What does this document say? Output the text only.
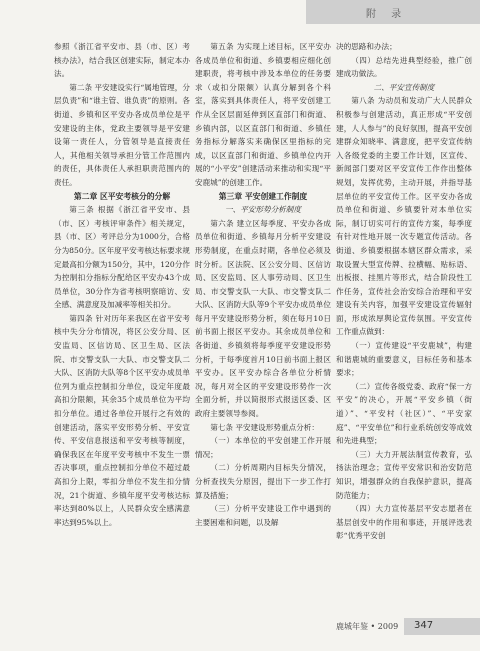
附 录

参照《浙江省平安市、县（市、区）考核办法》，结合我区创建实际，制定本办法。

第二条 平安建设实行“属地管理，分层负责”和“谁主管、谁负责”的原则。各街道、乡镇和区平安办各成员单位是平安建设的主体，党政主要领导是平安建设第一责任人，分管领导是直接责任人，其他相关领导承担分管工作范围内的责任，具体责任人承担职责范围内的责任。

第二章 区平安考核分的分解

第三条 根据《浙江省平安市、县（市、区）考核评审条件》相关规定，县（市、区）考评总分为1000分，合格分为850分。区年度平安考核达标要求规定最高扣分额为150分，其中，120分作为控制扣分指标分配给区平安办43个成员单位，30分作为省考核明察暗访、安全感、满意度及加减率等相关扣分。

第四条 针对历年来我区在省平安考核中失分分布情况，将区公安分局、区安监局、区信访局、区卫生局、区法院、市交警支队一大队、市交警支队二大队、区消防大队等8个区平安办成员单位列为重点控制扣分单位，设定年度最高扣分限额，其余35个成员单位为平均扣分单位。通过各单位开展行之有效的创建活动，落实平安形势分析、平安宣传、平安信息报送和平安考核等制度，确保我区在年度平安考核中不发生一票否决事项，重点控制扣分单位不超过最高扣分上限，零扣分单位不发生扣分情况，21个街道、乡镇年度平安考核达标率达到80%以上，人民群众安全感满意率达到95%以上。

第五条 为实现上述目标，区平安办各成员单位和街道、乡镇要相应细化创建职责，将考核中涉及本单位的任务要求（或扣分限额）认真分解到各个科室，落实到具体责任人，将平安创建工作从全区层面延伸到区直部门和街道、乡镇内部，以区直部门和街道、乡镇任务指标分解落实来确保区里指标的完成，以区直部门和街道、乡镇单位内开展的“小平安”创建活动来推动和实现“平安鹿城”的创建工作。

第三章 平安创建工作制度
一、平安形势分析制度

第六条 建立区每季度、平安办各成员单位和街道、乡镇每月分析平安建设形势制度，在重点时期，各单位必须及时分析。区法院、区公安分局、区信访局、区安监局、区人事劳动局、区卫生局、市交警支队一大队、市交警支队二大队、区消防大队等9个平安办成员单位每月平安建设形势分析，须在每月10日前书面上报区平安办。其余成员单位和各街道、乡镇须将每季度平安建设形势分析，于每季度首月10日前书面上报区平安办。区平安办综合各单位分析情况，每月对全区的平安建设形势作一次全面分析，并以简报形式报送区委、区政府主要领导参阅。

第七条 平安建设形势重点分析：

（一）本单位的平安创建工作开展情况；

（二）分析周期内目标失分情况，分析查找失分原因，提出下一步工作打算及措施；

（三）分析平安建设工作中遇到的主要困难和问题，以及解

决的思路和办法；

（四）总结先进典型经验，推广创建成功做法。

二、平安宣传制度

第八条 为动员和发动广大人民群众积极参与创建活动，真正形成“平安创建，人人参与”的良好氛围，提高平安创建群众知晓率、满意度，把平安宣传纳入各级党委的主要工作计划，区宣传、新闻部门要对区平安宣传工作作出整体规划，发挥优势，主动开展，并指导基层单位的平安宣传工作。区平安办各成员单位和街道、乡镇要针对本单位实际，制订切实可行的宣传方案，每季度有针对性地开展一次专题宣传活动。各街道、乡镇要根据本辖区群众需求，采取设置大型宣传牌、拉横幅、贴标语、出板报、挂黑片等形式，结合阶段性工作任务，宣传社会治安综合治理和平安建设有关内容，加强平安建设宣传辐射面，形成浓厚舆论宣传氛围。平安宣传工作重点做到：

（一）宣传建设“平安鹿城”，构建和谐鹿城的重要意义，目标任务和基本要求；

（二）宣传各级党委、政府“保一方平安”的决心，开展“平安乡镇（街道）”、“平安村（社区）”、“平安家庭”、“平安单位”和行业系统创安等成效和先进典型；

（三）大力开展法制宣传教育，弘扬法治理念；宣传平安常识和治安防范知识，增强群众的自我保护意识，提高防范能力；

（四）大力宣传基层平安志愿者在基层创安中的作用和事迹，开展评选表彰“优秀平安创

鹿城年鉴 • 2009 347
